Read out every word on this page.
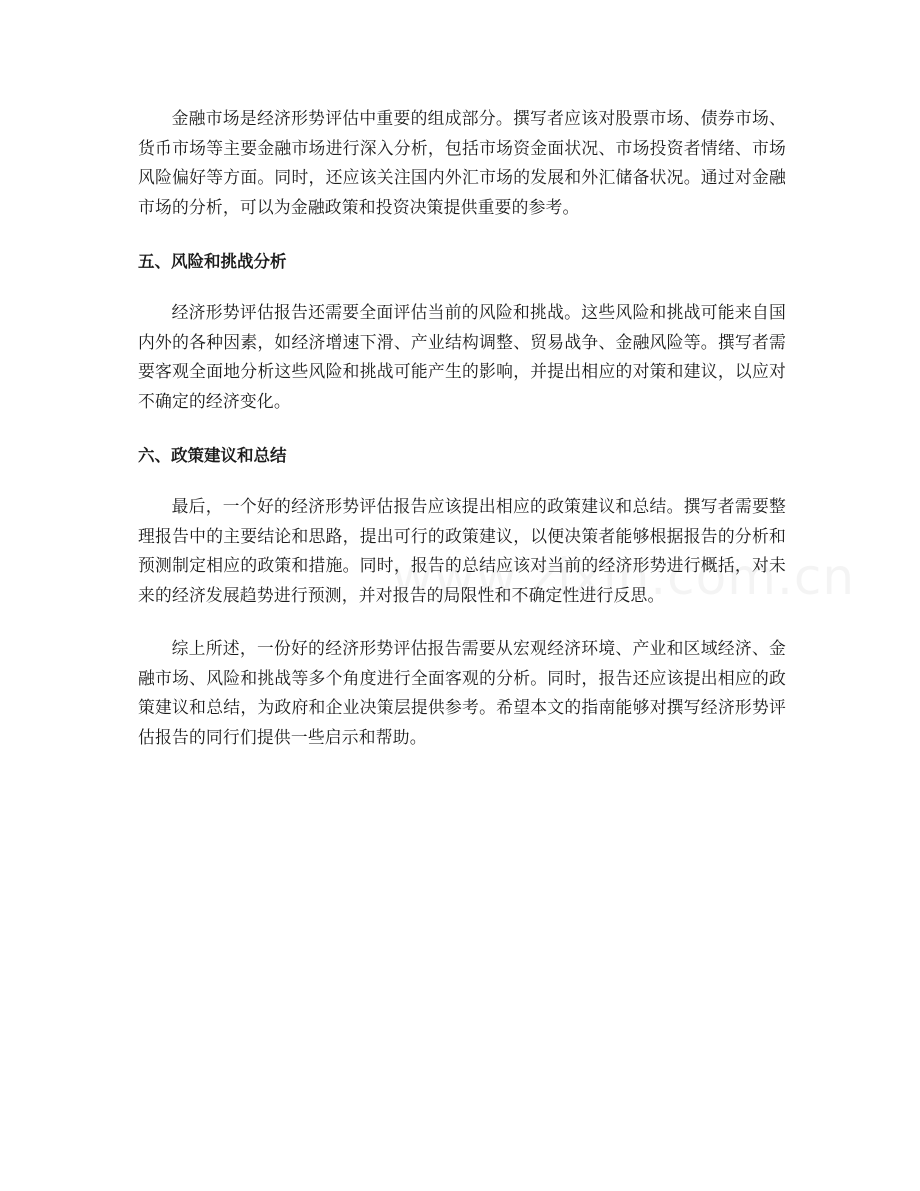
金融市场是经济形势评估中重要的组成部分。撰写者应该对股票市场、债券市场、货币市场等主要金融市场进行深入分析，包括市场资金面状况、市场投资者情绪、市场风险偏好等方面。同时，还应该关注国内外汇市场的发展和外汇储备状况。通过对金融市场的分析，可以为金融政策和投资决策提供重要的参考。

五、风险和挑战分析

经济形势评估报告还需要全面评估当前的风险和挑战。这些风险和挑战可能来自国内外的各种因素，如经济增速下滑、产业结构调整、贸易战争、金融风险等。撰写者需要客观全面地分析这些风险和挑战可能产生的影响，并提出相应的对策和建议，以应对不确定的经济变化。

六、政策建议和总结

最后，一个好的经济形势评估报告应该提出相应的政策建议和总结。撰写者需要整理报告中的主要结论和思路，提出可行的政策建议，以便决策者能够根据报告的分析和预测制定相应的政策和措施。同时，报告的总结应该对当前的经济形势进行概括，对未来的经济发展趋势进行预测，并对报告的局限性和不确定性进行反思。

综上所述，一份好的经济形势评估报告需要从宏观经济环境、产业和区域经济、金融市场、风险和挑战等多个角度进行全面客观的分析。同时，报告还应该提出相应的政策建议和总结，为政府和企业决策层提供参考。希望本文的指南能够对撰写经济形势评估报告的同行们提供一些启示和帮助。
